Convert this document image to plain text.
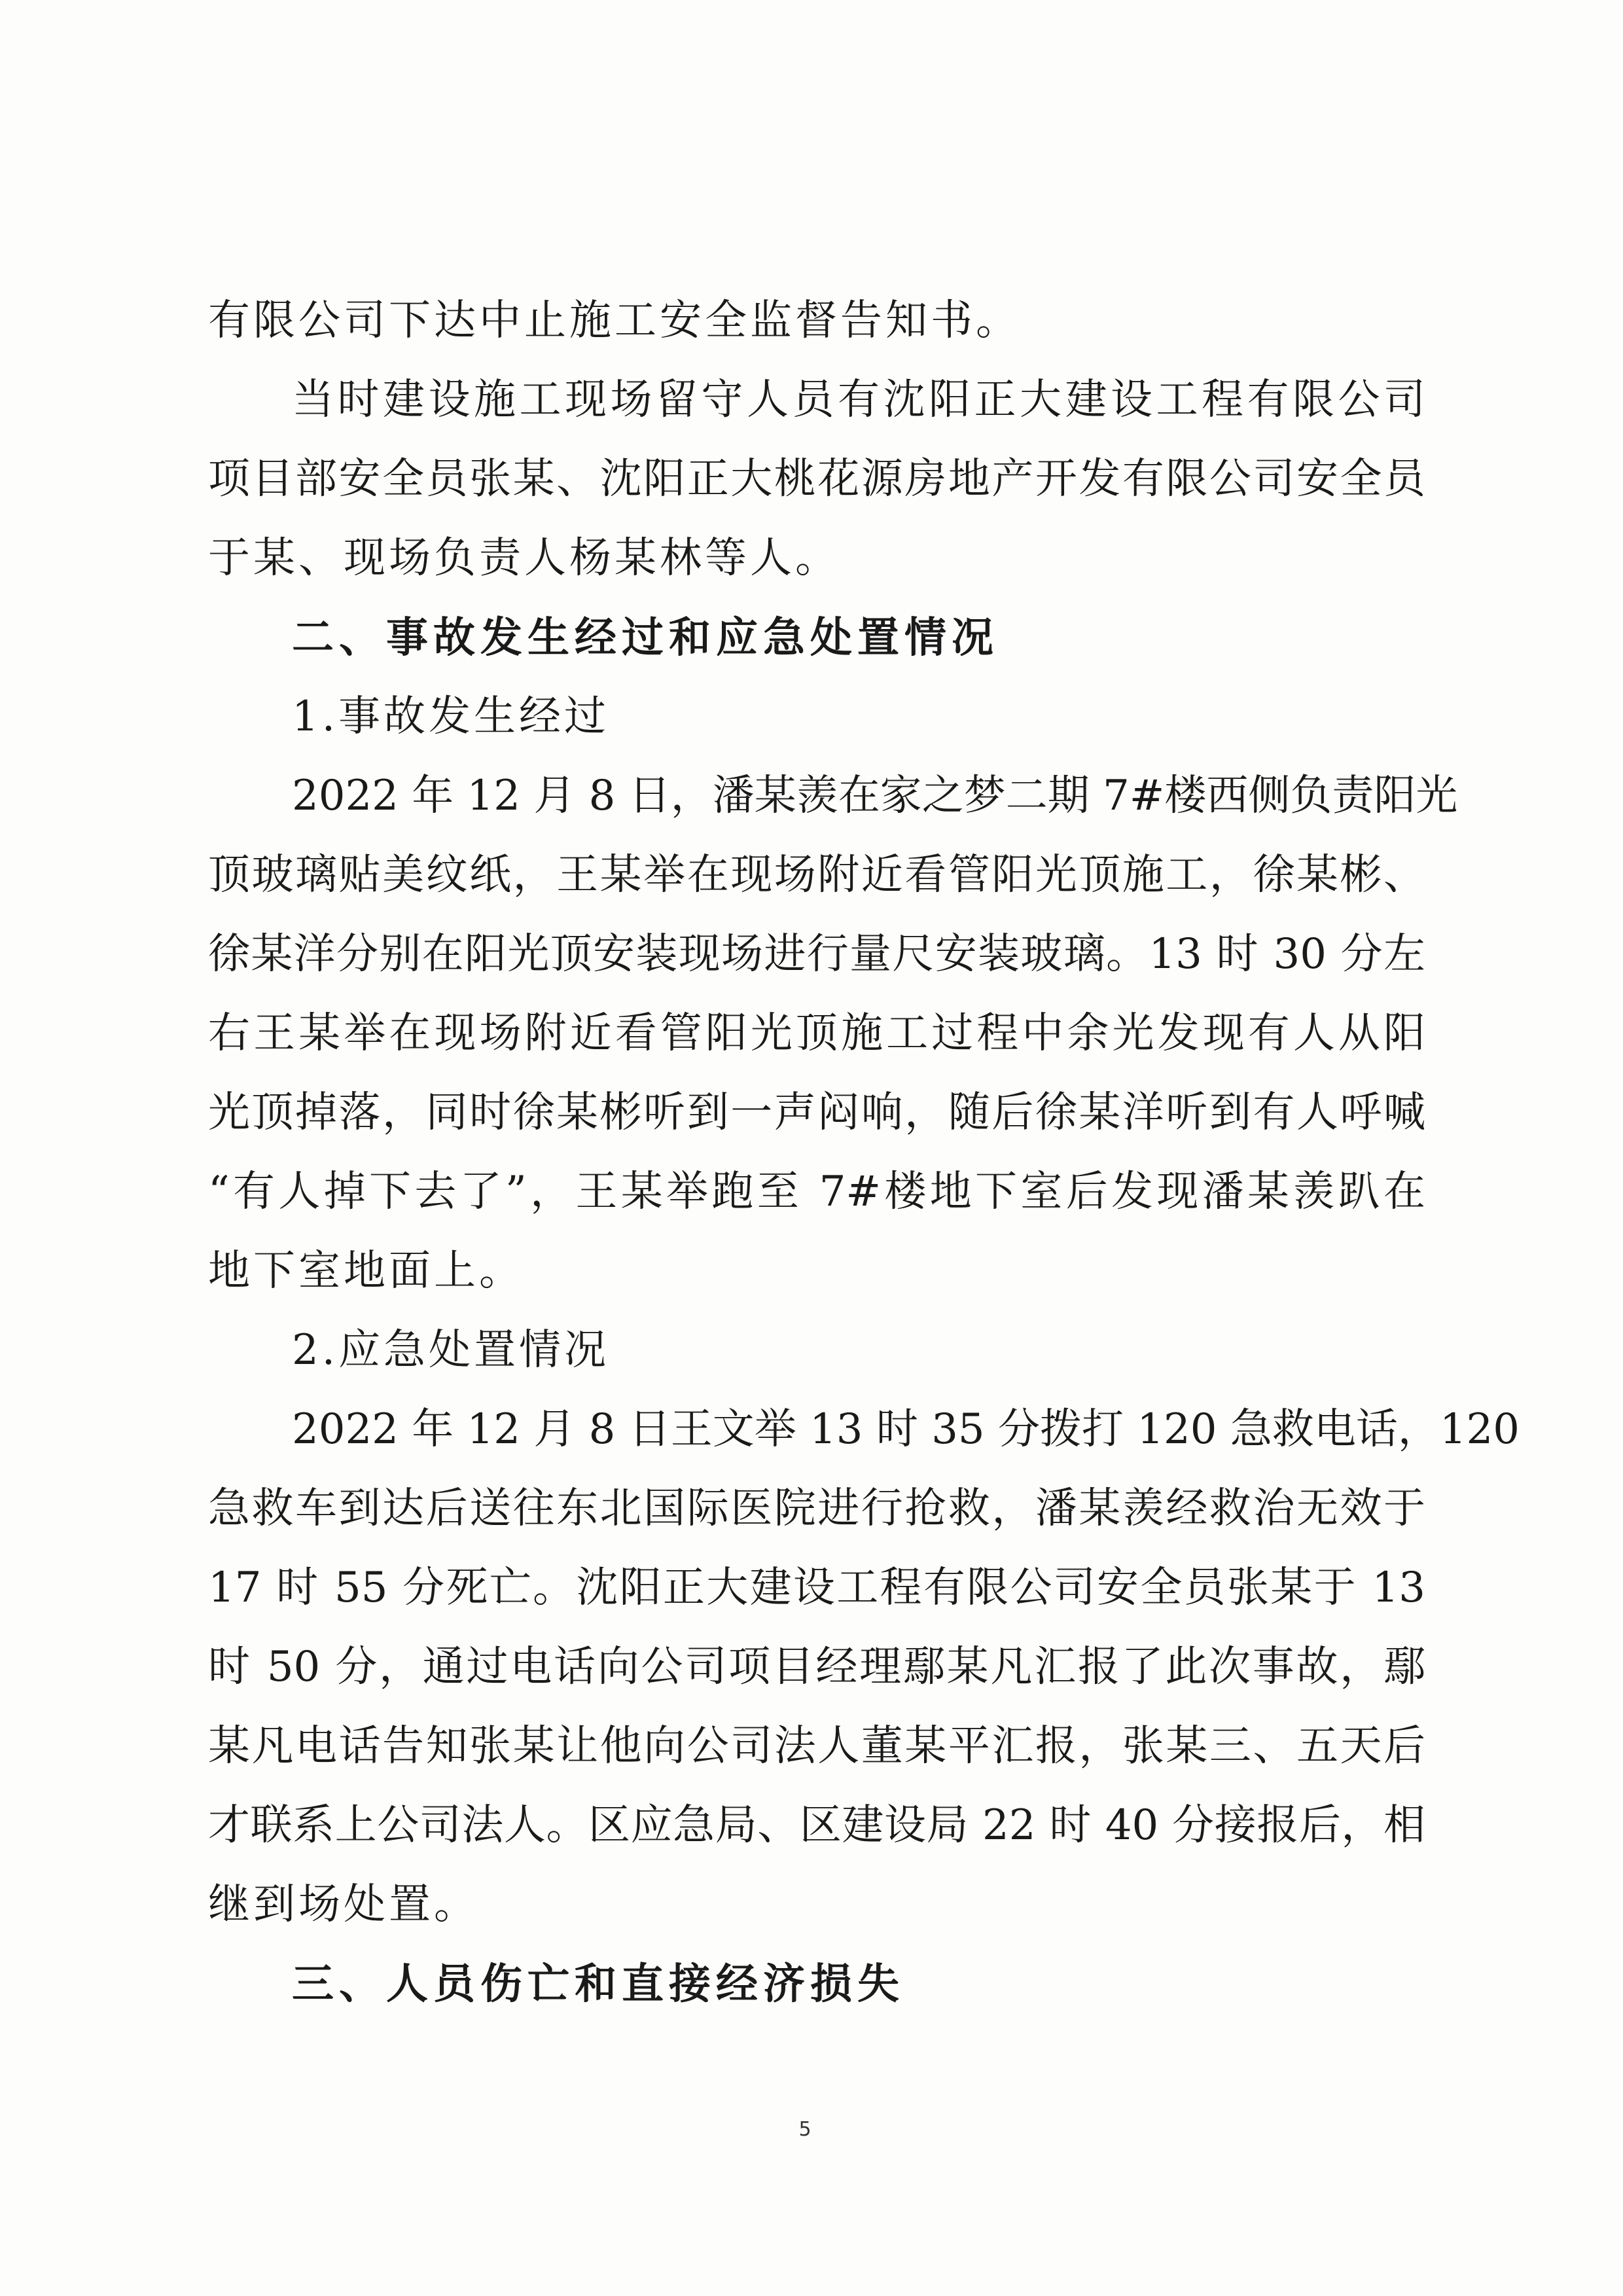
有限公司下达中止施工安全监督告知书。
当时建设施工现场留守人员有沈阳正大建设工程有限公司
项目部安全员张某、沈阳正大桃花源房地产开发有限公司安全员
于某、现场负责人杨某林等人。
二、事故发生经过和应急处置情况
1.事故发生经过
2022 年 12 月 8 日，潘某羡在家之梦二期 7#楼西侧负责阳光
顶玻璃贴美纹纸，王某举在现场附近看管阳光顶施工，徐某彬、
徐某洋分别在阳光顶安装现场进行量尺安装玻璃。13 时 30 分左
右王某举在现场附近看管阳光顶施工过程中余光发现有人从阳
光顶掉落，同时徐某彬听到一声闷响，随后徐某洋听到有人呼喊
“有人掉下去了”，王某举跑至 7#楼地下室后发现潘某羡趴在
地下室地面上。
2.应急处置情况
2022 年 12 月 8 日王文举 13 时 35 分拨打 120 急救电话，120
急救车到达后送往东北国际医院进行抢救，潘某羡经救治无效于
17 时 55 分死亡。沈阳正大建设工程有限公司安全员张某于 13
时 50 分，通过电话向公司项目经理鄢某凡汇报了此次事故，鄢
某凡电话告知张某让他向公司法人董某平汇报，张某三、五天后
才联系上公司法人。区应急局、区建设局 22 时 40 分接报后，相
继到场处置。
三、人员伤亡和直接经济损失
5
